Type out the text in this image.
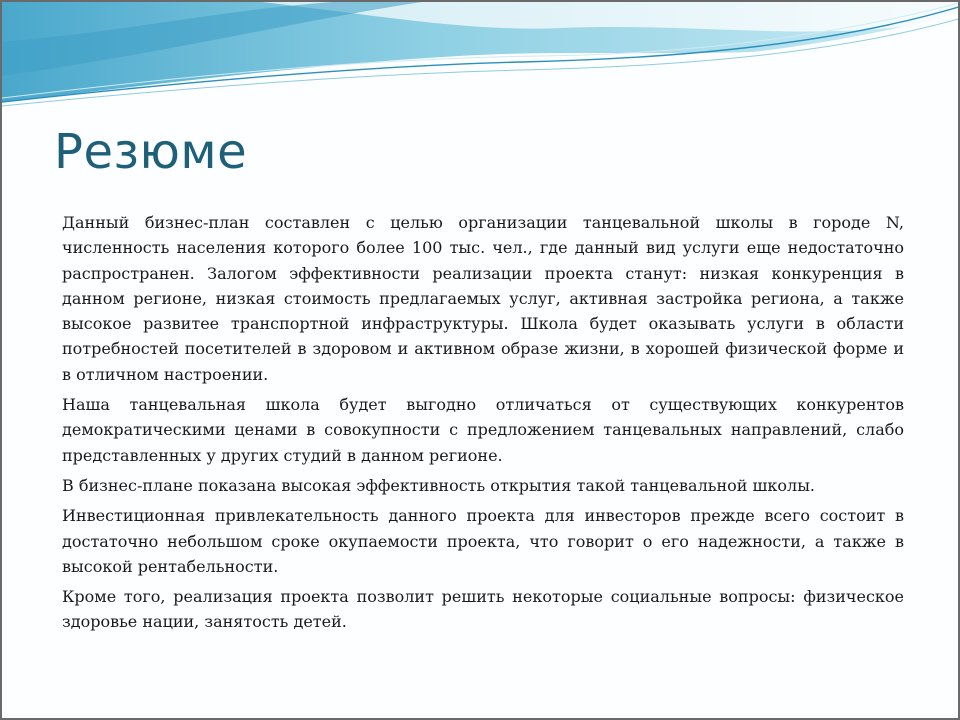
Резюме

Данный бизнес-план составлен с целью организации танцевальной школы в городе N, численность населения которого более 100 тыс. чел., где данный вид услуги еще недостаточно распространен. Залогом эффективности реализации проекта станут: низкая конкуренция в данном регионе, низкая стоимость предлагаемых услуг, активная застройка региона, а также высокое развитее транспортной инфраструктуры. Школа будет оказывать услуги в области потребностей посетителей в здоровом и активном образе жизни, в хорошей физической форме и в отличном настроении.

Наша танцевальная школа будет выгодно отличаться от существующих конкурентов демократическими ценами в совокупности с предложением танцевальных направлений, слабо представленных у других студий в данном регионе.

В бизнес-плане показана высокая эффективность открытия такой танцевальной школы.

Инвестиционная привлекательность данного проекта для инвесторов прежде всего состоит в достаточно небольшом сроке окупаемости проекта, что говорит о его надежности, а также в высокой рентабельности.

Кроме того, реализация проекта позволит решить некоторые социальные вопросы: физическое здоровье нации, занятость детей.
